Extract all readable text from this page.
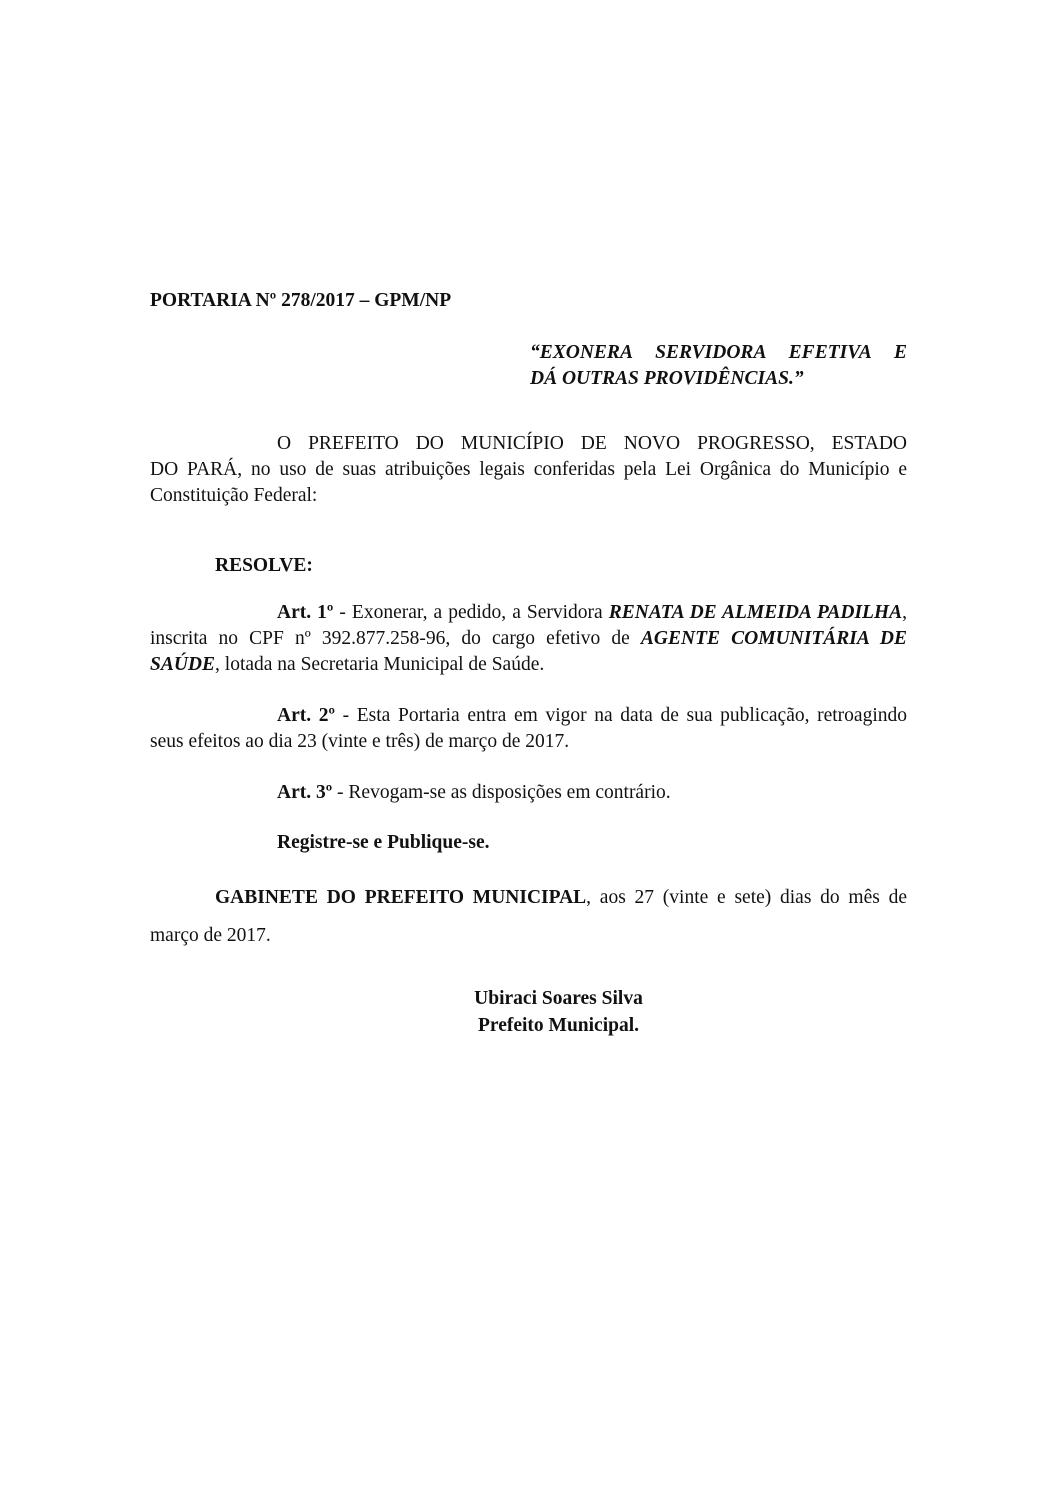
PORTARIA Nº 278/2017 – GPM/NP
“EXONERA SERVIDORA EFETIVA E
DÁ OUTRAS PROVIDÊNCIAS.”
O PREFEITO DO MUNICÍPIO DE NOVO PROGRESSO, ESTADO
DO PARÁ, no uso de suas atribuições legais conferidas pela Lei Orgânica do Município e
Constituição Federal:
RESOLVE:
Art. 1º - Exonerar, a pedido, a Servidora RENATA DE ALMEIDA PADILHA, inscrita no CPF nº 392.877.258-96, do cargo efetivo de AGENTE COMUNITÁRIA DE SAÚDE, lotada na Secretaria Municipal de Saúde.
Art. 2º - Esta Portaria entra em vigor na data de sua publicação, retroagindo seus efeitos ao dia 23 (vinte e três) de março de 2017.
Art. 3º - Revogam-se as disposições em contrário.
Registre-se e Publique-se.
GABINETE DO PREFEITO MUNICIPAL, aos 27 (vinte e sete) dias do mês de março de 2017.
Ubiraci Soares Silva
Prefeito Municipal.
